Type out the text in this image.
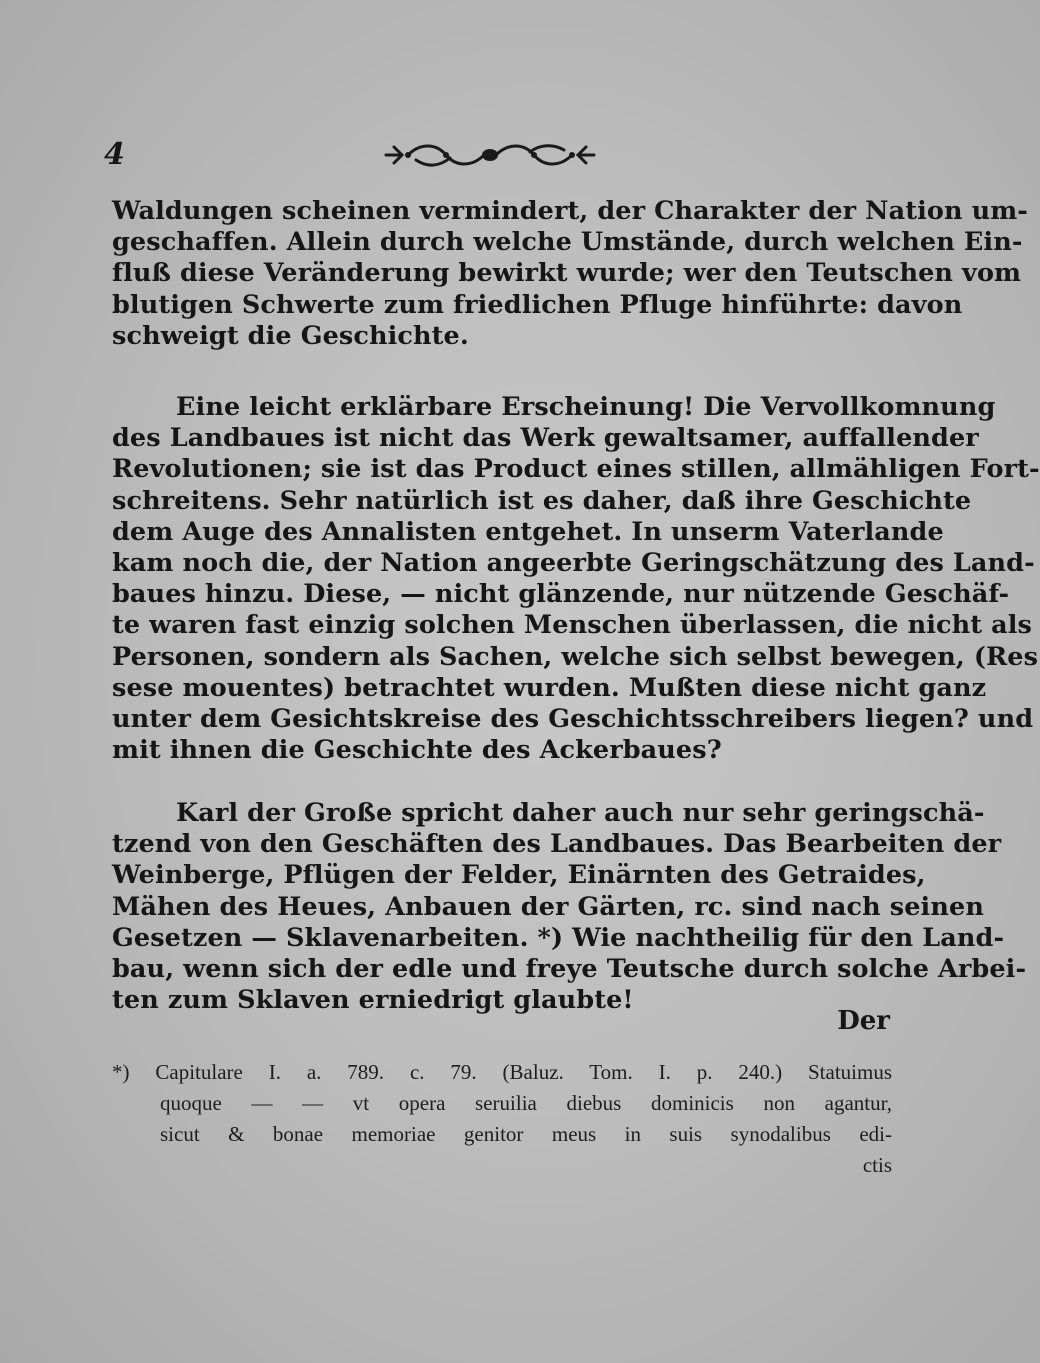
4
Waldungen scheinen vermindert, der Charakter der Nation um-
geschaffen. Allein durch welche Umstände, durch welchen Ein-
fluß diese Veränderung bewirkt wurde; wer den Teutschen vom
blutigen Schwerte zum friedlichen Pfluge hinführte: davon
schweigt die Geschichte.
Eine leicht erklärbare Erscheinung! Die Vervollkomnung
des Landbaues ist nicht das Werk gewaltsamer, auffallender
Revolutionen; sie ist das Product eines stillen, allmähligen Fort-
schreitens. Sehr natürlich ist es daher, daß ihre Geschichte
dem Auge des Annalisten entgehet. In unserm Vaterlande
kam noch die, der Nation angeerbte Geringschätzung des Land-
baues hinzu. Diese, — nicht glänzende, nur nützende Geschäf-
te waren fast einzig solchen Menschen überlassen, die nicht als
Personen, sondern als Sachen, welche sich selbst bewegen, (Res
sese mouentes) betrachtet wurden. Mußten diese nicht ganz
unter dem Gesichtskreise des Geschichtsschreibers liegen? und
mit ihnen die Geschichte des Ackerbaues?
Karl der Große spricht daher auch nur sehr geringschä-
tzend von den Geschäften des Landbaues. Das Bearbeiten der
Weinberge, Pflügen der Felder, Einärnten des Getraides,
Mähen des Heues, Anbauen der Gärten, rc. sind nach seinen
Gesetzen — Sklavenarbeiten. *) Wie nachtheilig für den Land-
bau, wenn sich der edle und freye Teutsche durch solche Arbei-
ten zum Sklaven erniedrigt glaubte!
Der
*) Capitulare I. a. 789. c. 79. (Baluz. Tom. I. p. 240.) Statuimus
quoque — — vt opera seruilia diebus dominicis non agantur,
sicut & bonae memoriae genitor meus in suis synodalibus edi-
ctis
